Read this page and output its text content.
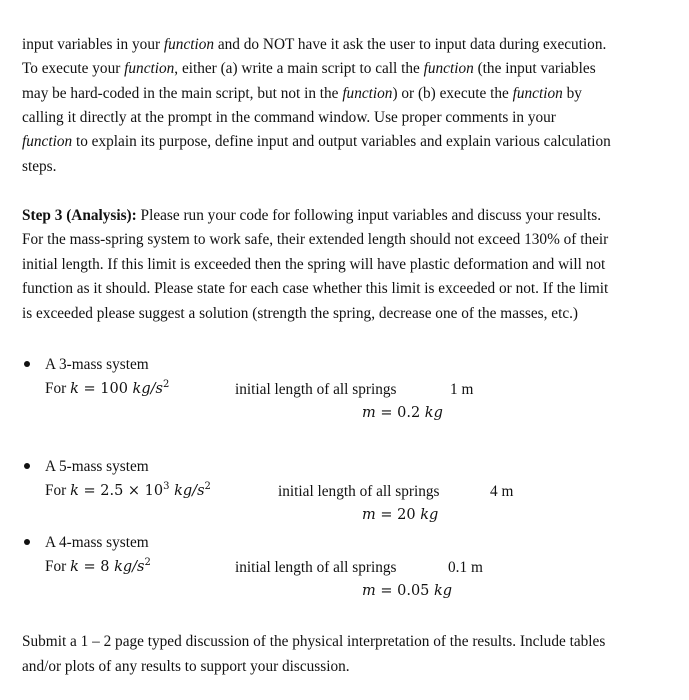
input variables in your function and do NOT have it ask the user to input data during execution.
To execute your function, either (a) write a main script to call the function (the input variables
may be hard-coded in the main script, but not in the function) or (b) execute the function by
calling it directly at the prompt in the command window. Use proper comments in your
function to explain its purpose, define input and output variables and explain various calculation
steps.
Step 3 (Analysis): Please run your code for following input variables and discuss your results.
For the mass-spring system to work safe, their extended length should not exceed 130% of their
initial length. If this limit is exceeded then the spring will have plastic deformation and will not
function as it should. Please state for each case whether this limit is exceeded or not. If the limit
is exceeded please suggest a solution (strength the spring, decrease one of the masses, etc.)
A 3-mass system
For k = 100 $kg/s^2$	initial length of all springs	1 m
m = 0.2 kg
A 5-mass system
For $k = 2.5 \times 10^3$ $kg/s^2$	initial length of all springs	4 m
m = 20 kg
A 4-mass system
For k = 8 $kg/s^2$	initial length of all springs	0.1 m
m = 0.05 kg
Submit a 1 – 2 page typed discussion of the physical interpretation of the results. Include tables
and/or plots of any results to support your discussion.
